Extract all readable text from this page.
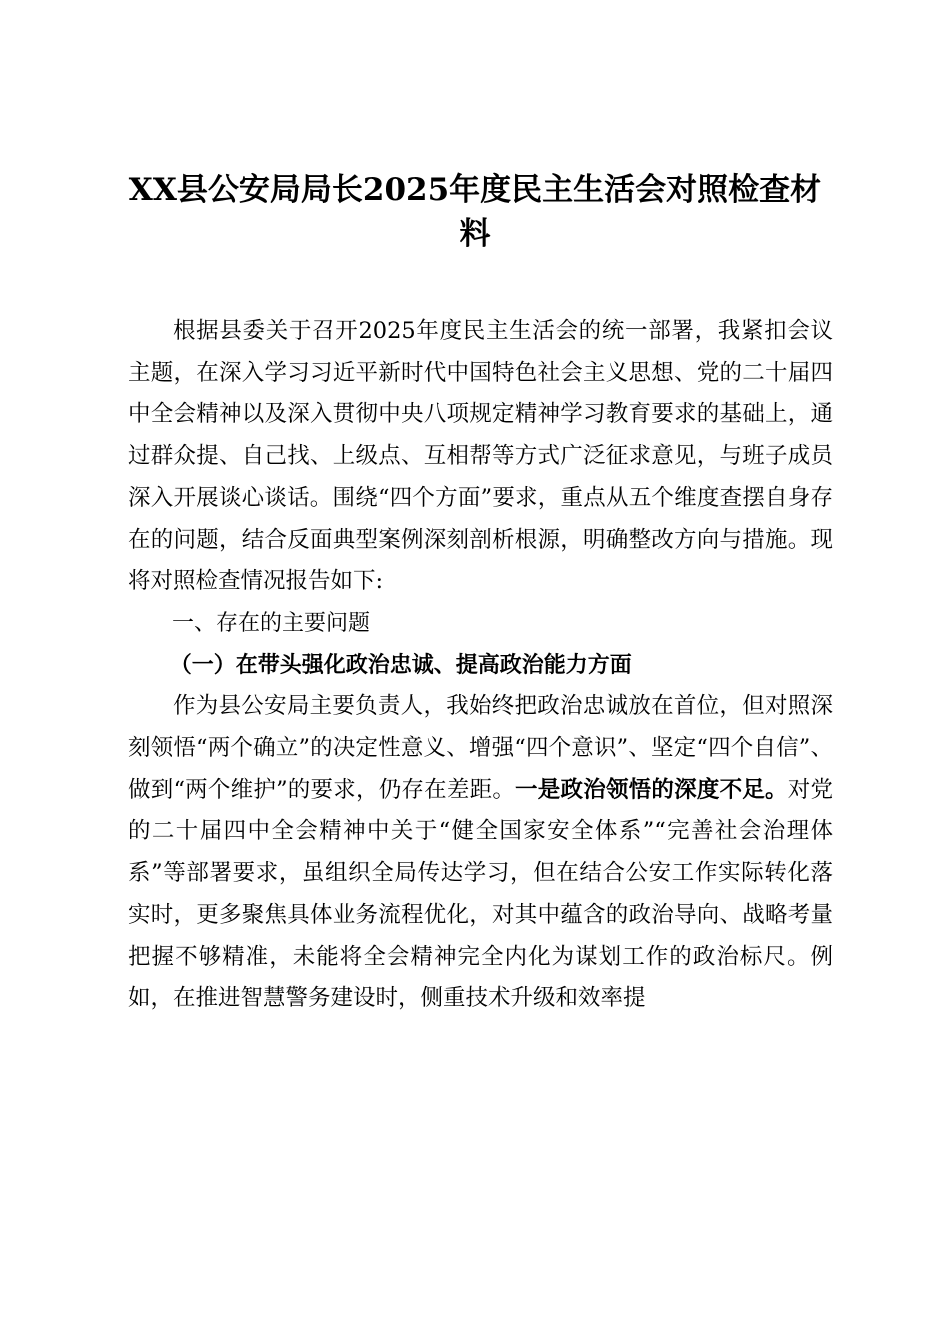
XX县公安局局长2025年度民主生活会对照检查材料

根据县委关于召开2025年度民主生活会的统一部署，我紧扣会议主题，在深入学习习近平新时代中国特色社会主义思想、党的二十届四中全会精神以及深入贯彻中央八项规定精神学习教育要求的基础上，通过群众提、自己找、上级点、互相帮等方式广泛征求意见，与班子成员深入开展谈心谈话。围绕“四个方面”要求，重点从五个维度查摆自身存在的问题，结合反面典型案例深刻剖析根源，明确整改方向与措施。现将对照检查情况报告如下:

一、存在的主要问题

（一）在带头强化政治忠诚、提高政治能力方面

作为县公安局主要负责人，我始终把政治忠诚放在首位，但对照深刻领悟“两个确立”的决定性意义、增强“四个意识”、坚定“四个自信”、做到“两个维护”的要求，仍存在差距。一是政治领悟的深度不足。对党的二十届四中全会精神中关于“健全国家安全体系”“完善社会治理体系”等部署要求，虽组织全局传达学习，但在结合公安工作实际转化落实时，更多聚焦具体业务流程优化，对其中蕴含的政治导向、战略考量把握不够精准，未能将全会精神完全内化为谋划工作的政治标尺。例如，在推进智慧警务建设时，侧重技术升级和效率提
